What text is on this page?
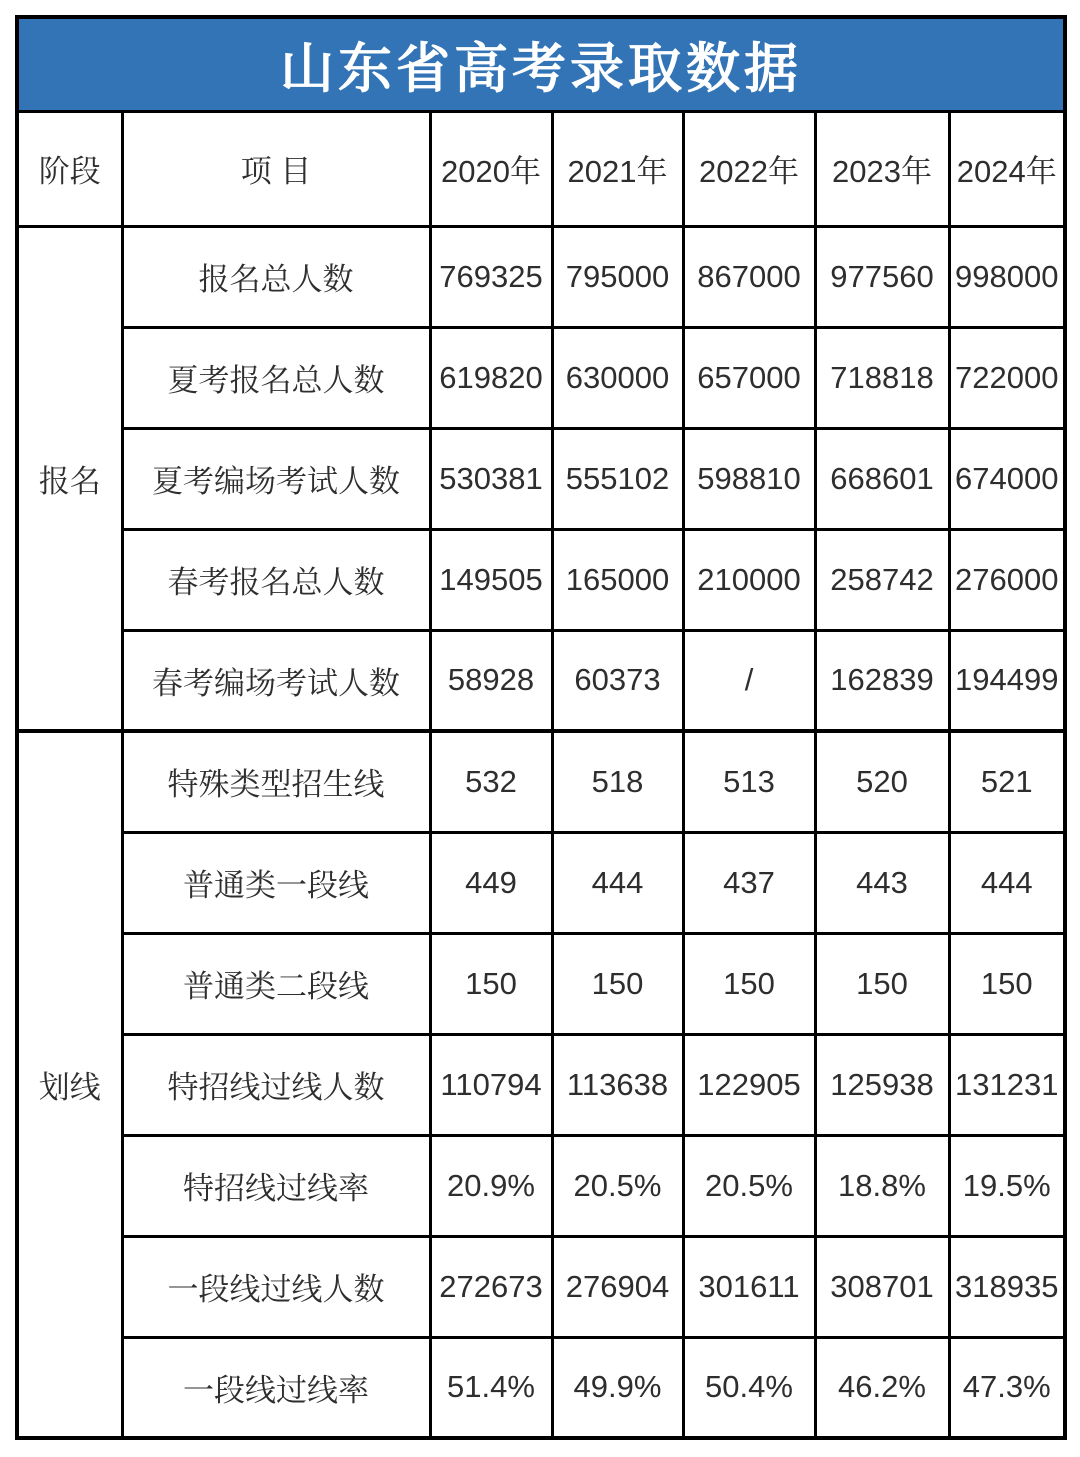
山东省高考录取数据						
阶段	项 目	2020年	2021年	2022年	2023年	2024年
报名	报名总人数	769325	795000	867000	977560	998000
	夏考报名总人数	619820	630000	657000	718818	722000
	夏考编场考试人数	530381	555102	598810	668601	674000
	春考报名总人数	149505	165000	210000	258742	276000
	春考编场考试人数	58928	60373	/	162839	194499
划线	特殊类型招生线	532	518	513	520	521
	普通类一段线	449	444	437	443	444
	普通类二段线	150	150	150	150	150
	特招线过线人数	110794	113638	122905	125938	131231
	特招线过线率	20.9%	20.5%	20.5%	18.8%	19.5%
	一段线过线人数	272673	276904	301611	308701	318935
	一段线过线率	51.4%	49.9%	50.4%	46.2%	47.3%
